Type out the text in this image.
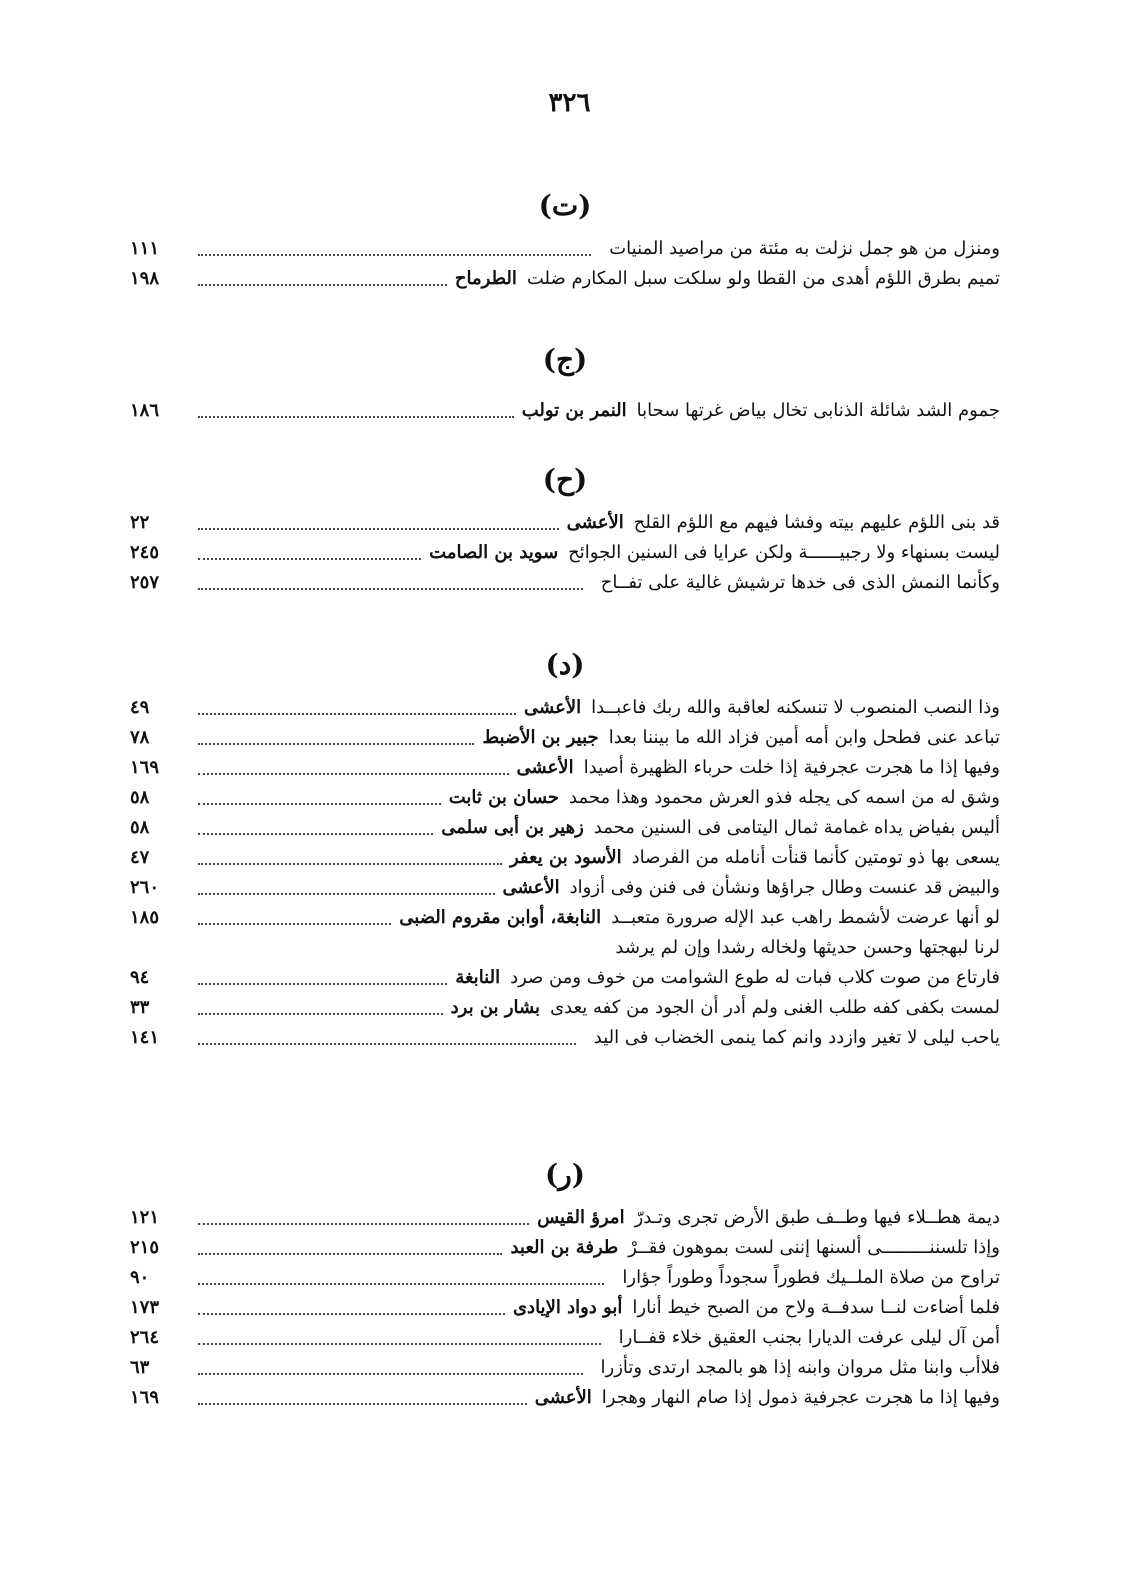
٣٢٦
(ت)
ومنزل من هو جمل نزلت به مئتة من مراصيد المنيات
١١١
تميم بطرق اللؤم أهدى من القطا ولو سلكت سبل المكارم ضلت
الطرماح
١٩٨
(ج)
جموم الشد شائلة الذنابى تخال بياض غرتها سحابا
النمر بن تولب
١٨٦
(ح)
قد بنى اللؤم عليهم بيته وفشا فيهم مع اللؤم القلح
الأعشى
٢٢
ليست بسنهاء ولا رجبيــــــة ولكن عرايا فى السنين الجوائح
سويد بن الصامت
٢٤٥
وكأنما النمش الذى فى خدها ترشيش غالية على تفــاح
٢٥٧
(د)
وذا النصب المنصوب لا تنسكنه لعاقبة والله ربك فاعبــدا
الأعشى
٤٩
تباعد عنى فطحل وابن أمه أمين فزاد الله ما بيننا بعدا
جبير بن الأضبط
٧٨
وفيها إذا ما هجرت عجرفية إذا خلت حرباء الظهيرة أصيدا
الأعشى
١٦٩
وشق له من اسمه كى يجله فذو العرش محمود وهذا محمد
حسان بن ثابت
٥٨
أليس بفياض يداه غمامة ثمال اليتامى فى السنين محمد
زهير بن أبى سلمى
٥٨
يسعى بها ذو تومتين كأنما قنأت أنامله من الفرصاد
الأسود بن يعفر
٤٧
والبيض قد عنست وطال جراؤها ونشأن فى فنن وفى أزواد
الأعشى
٢٦٠
لو أنها عرضت لأشمط راهب عبد الإله صرورة متعبــد
النابغة، أوابن مقروم الضبى
١٨٥
لرنا لبهجتها وحسن حديثها ولخاله رشدا وإن لم يرشد
فارتاع من صوت كلاب فبات له طوع الشوامت من خوف ومن صرد
النابغة
٩٤
لمست بكفى كفه طلب الغنى ولم أدر أن الجود من كفه يعدى
بشار بن برد
٣٣
ياحب ليلى لا تغير وازدد وانم كما ينمى الخضاب فى اليد
١٤١
(ر)
ديمة هطــلاء فيها وطــف طبق الأرض تجرى وتـدرّ
امرؤ القيس
١٢١
وإذا تلسننـــــــــى ألسنها إننى لست بموهون فقــرْ
طرفة بن العبد
٢١٥
تراوح من صلاة الملــيك فطوراً سجوداً وطوراً جؤارا
٩٠
فلما أضاءت لنــا سدفــة ولاح من الصبح خيط أنارا
أبو دواد الإيادى
١٧٣
أمن آل ليلى عرفت الديارا بجنب العقيق خلاء قفــارا
٢٦٤
فلاأب وابنا مثل مروان وابنه إذا هو بالمجد ارتدى وتأزرا
٦٣
وفيها إذا ما هجرت عجرفية ذمول إذا صام النهار وهجرا
الأعشى
١٦٩
